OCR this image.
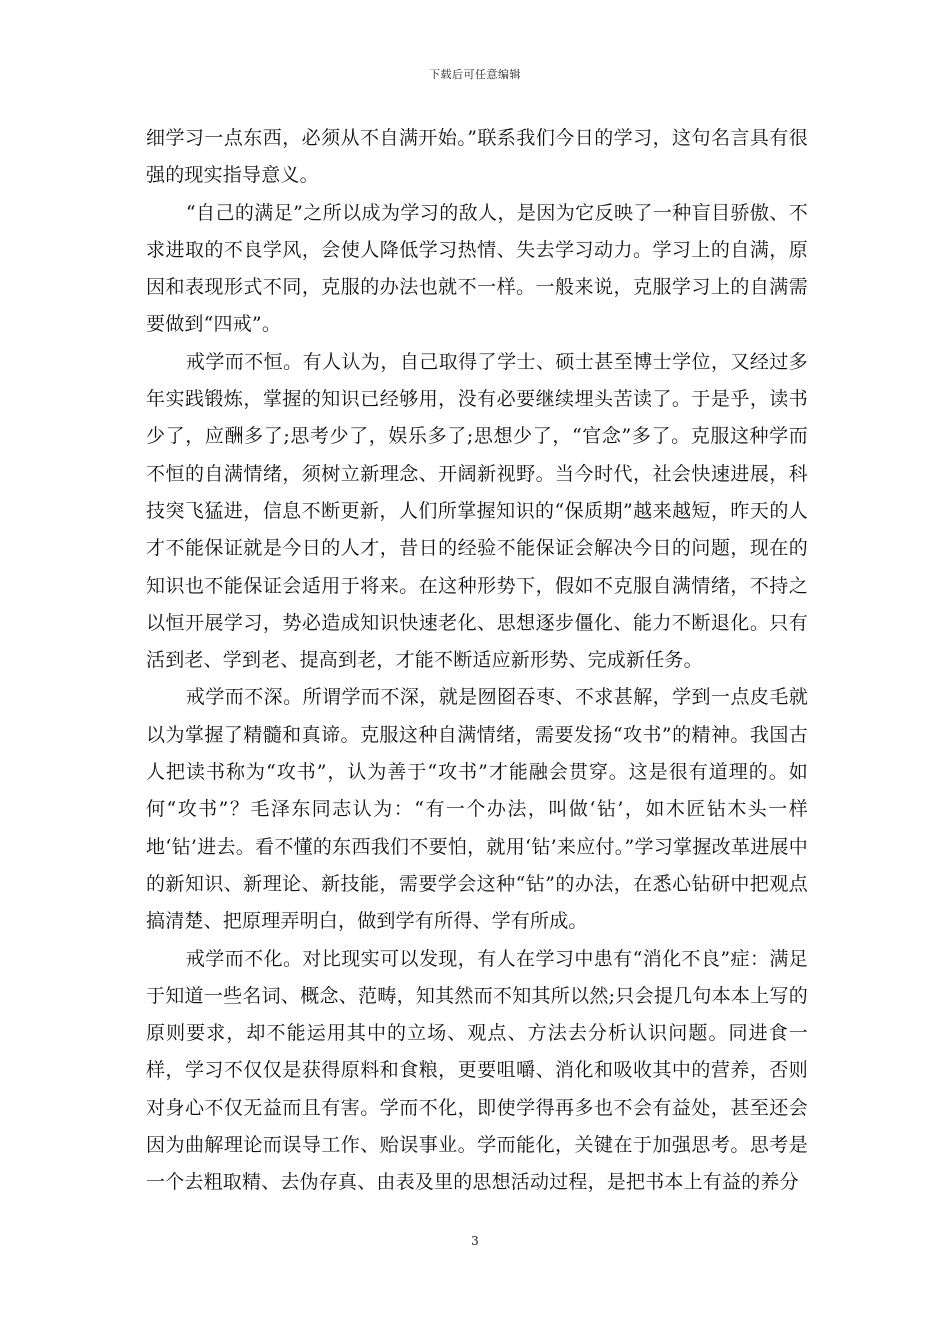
下载后可任意编辑

细学习一点东西，必须从不自满开始。”联系我们今日的学习，这句名言具有很强的现实指导意义。

“自己的满足”之所以成为学习的敌人，是因为它反映了一种盲目骄傲、不求进取的不良学风，会使人降低学习热情、失去学习动力。学习上的自满，原因和表现形式不同，克服的办法也就不一样。一般来说，克服学习上的自满需要做到“四戒”。

戒学而不恒。有人认为，自己取得了学士、硕士甚至博士学位，又经过多年实践锻炼，掌握的知识已经够用，没有必要继续埋头苦读了。于是乎，读书少了，应酬多了;思考少了，娱乐多了;思想少了，“官念”多了。克服这种学而不恒的自满情绪，须树立新理念、开阔新视野。当今时代，社会快速进展，科技突飞猛进，信息不断更新，人们所掌握知识的“保质期”越来越短，昨天的人才不能保证就是今日的人才，昔日的经验不能保证会解决今日的问题，现在的知识也不能保证会适用于将来。在这种形势下，假如不克服自满情绪，不持之以恒开展学习，势必造成知识快速老化、思想逐步僵化、能力不断退化。只有活到老、学到老、提高到老，才能不断适应新形势、完成新任务。

戒学而不深。所谓学而不深，就是囫囵吞枣、不求甚解，学到一点皮毛就以为掌握了精髓和真谛。克服这种自满情绪，需要发扬“攻书”的精神。我国古人把读书称为“攻书”，认为善于“攻书”才能融会贯穿。这是很有道理的。如何“攻书”？毛泽东同志认为：“有一个办法，叫做‘钻’，如木匠钻木头一样地‘钻’进去。看不懂的东西我们不要怕，就用‘钻’来应付。”学习掌握改革进展中的新知识、新理论、新技能，需要学会这种“钻”的办法，在悉心钻研中把观点搞清楚、把原理弄明白，做到学有所得、学有所成。

戒学而不化。对比现实可以发现，有人在学习中患有“消化不良”症：满足于知道一些名词、概念、范畴，知其然而不知其所以然;只会提几句本本上写的原则要求，却不能运用其中的立场、观点、方法去分析认识问题。同进食一样，学习不仅仅是获得原料和食粮，更要咀嚼、消化和吸收其中的营养，否则对身心不仅无益而且有害。学而不化，即使学得再多也不会有益处，甚至还会因为曲解理论而误导工作、贻误事业。学而能化，关键在于加强思考。思考是一个去粗取精、去伪存真、由表及里的思想活动过程，是把书本上有益的养分

3
